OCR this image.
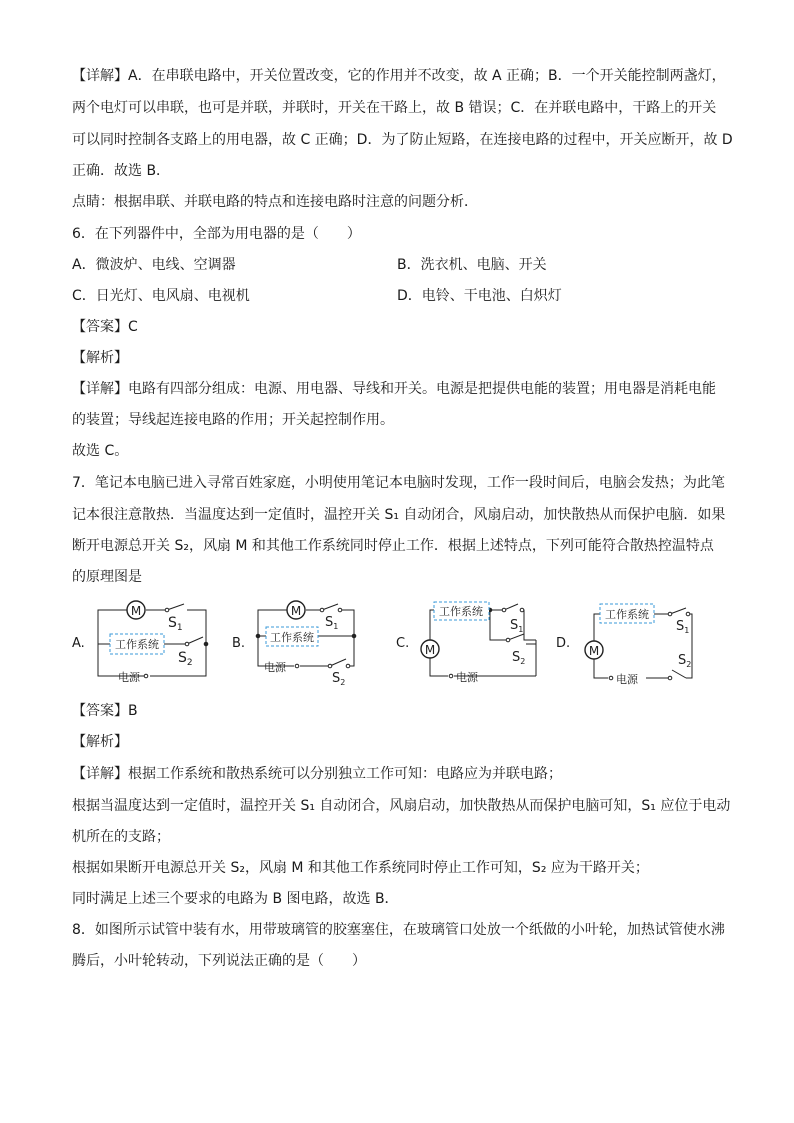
【详解】A．在串联电路中，开关位置改变，它的作用并不改变，故 A 正确；B．一个开关能控制两盏灯，
两个电灯可以串联，也可是并联，并联时，开关在干路上，故 B 错误；C．在并联电路中，干路上的开关
可以同时控制各支路上的用电器，故 C 正确；D．为了防止短路，在连接电路的过程中，开关应断开，故 D
正确．故选 B．
点睛：根据串联、并联电路的特点和连接电路时注意的问题分析．
6．在下列器件中，全部为用电器的是（　　）
A．微波炉、电线、空调器	B．洗衣机、电脑、开关
C．日光灯、电风扇、电视机	D．电铃、干电池、白炽灯
【答案】C
【解析】
【详解】电路有四部分组成：电源、用电器、导线和开关。电源是把提供电能的装置；用电器是消耗电能
的装置；导线起连接电路的作用；开关起控制作用。
故选 C。
7．笔记本电脑已进入寻常百姓家庭，小明使用笔记本电脑时发现，工作一段时间后，电脑会发热；为此笔
记本很注意散热．当温度达到一定值时，温控开关 S₁ 自动闭合，风扇启动，加快散热从而保护电脑．如果
断开电源总开关 S₂，风扇 M 和其他工作系统同时停止工作．根据上述特点，下列可能符合散热控温特点
的原理图是
A.
M
工作系统
$S_1$
$S_2$
电源
B.
M
工作系统
$S_1$
$S_2$
电源
C. M
工作系统
$S_1$
$S_2$
电源
D. M
工作系统
$S_1$
$S_2$
电源
【答案】B
【解析】
【详解】根据工作系统和散热系统可以分别独立工作可知：电路应为并联电路；
根据当温度达到一定值时，温控开关 S₁ 自动闭合，风扇启动，加快散热从而保护电脑可知，S₁ 应位于电动
机所在的支路；
根据如果断开电源总开关 S₂，风扇 M 和其他工作系统同时停止工作可知，S₂ 应为干路开关；
同时满足上述三个要求的电路为 B 图电路，故选 B．
8．如图所示试管中装有水，用带玻璃管的胶塞塞住，在玻璃管口处放一个纸做的小叶轮，加热试管使水沸
腾后，小叶轮转动，下列说法正确的是（　　）
